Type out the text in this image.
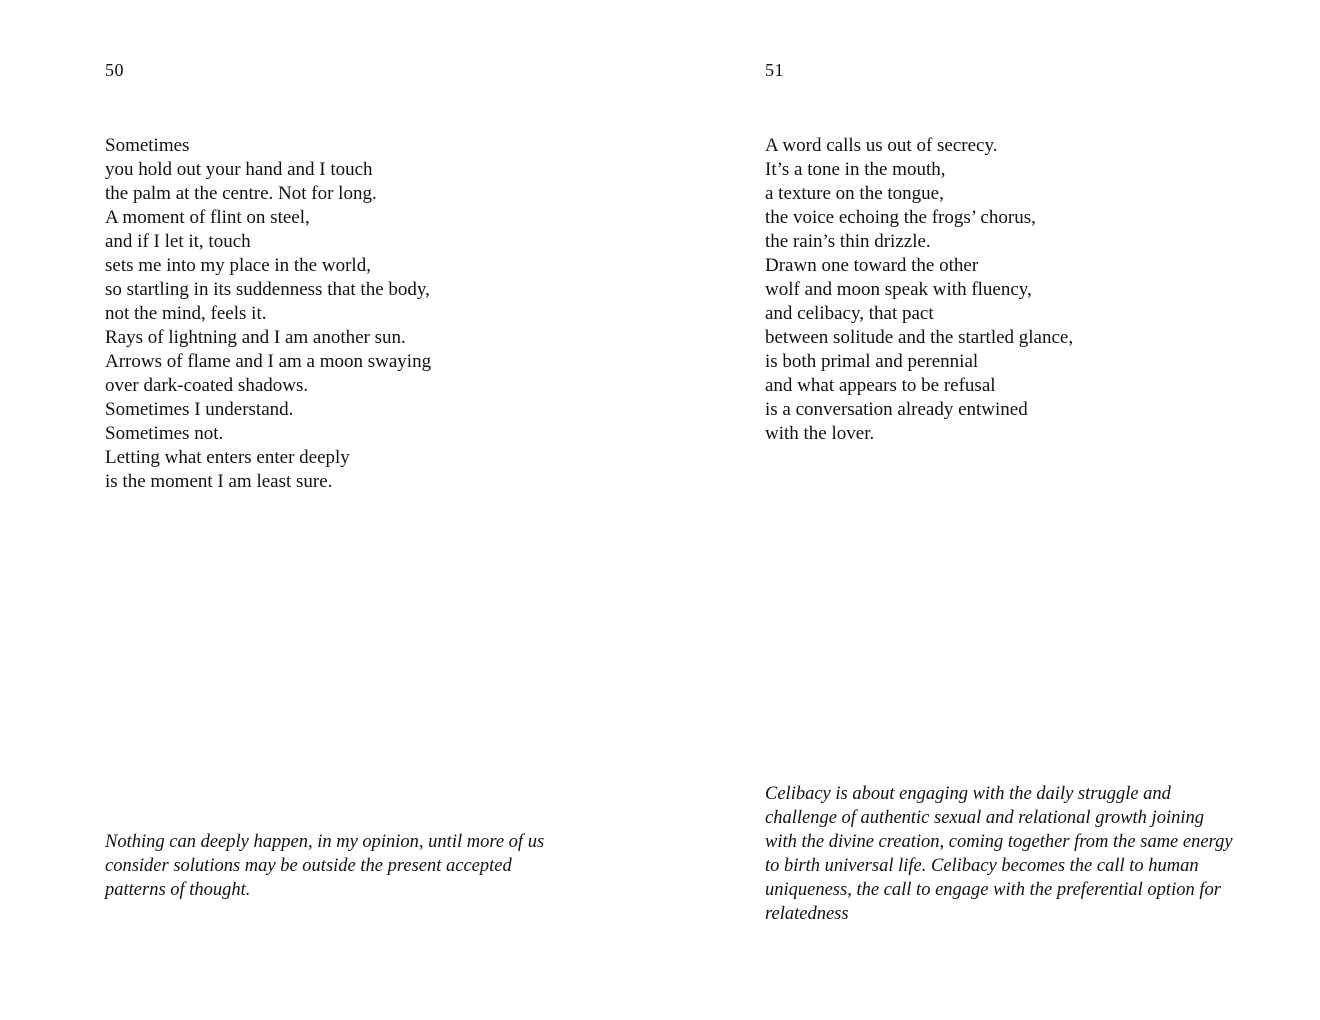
50
Sometimes
you hold out your hand and I touch
the palm at the centre. Not for long.
A moment of flint on steel,
and if I let it, touch
sets me into my place in the world,
so startling in its suddenness that the body,
not the mind, feels it.
Rays of lightning and I am another sun.
Arrows of flame and I am a moon swaying
over dark-coated shadows.
Sometimes I understand.
Sometimes not.
Letting what enters enter deeply
is the moment I am least sure.

Nothing can deeply happen, in my opinion, until more of us consider solutions may be outside the present accepted patterns of thought.

51
A word calls us out of secrecy.
It’s a tone in the mouth,
a texture on the tongue,
the voice echoing the frogs’ chorus,
the rain’s thin drizzle.
Drawn one toward the other
wolf and moon speak with fluency,
and celibacy, that pact
between solitude and the startled glance,
is both primal and perennial
and what appears to be refusal
is a conversation already entwined
with the lover.

Celibacy is about engaging with the daily struggle and challenge of authentic sexual and relational growth joining with the divine creation, coming together from the same energy to birth universal life. Celibacy becomes the call to human uniqueness, the call to engage with the preferential option for relatedness
